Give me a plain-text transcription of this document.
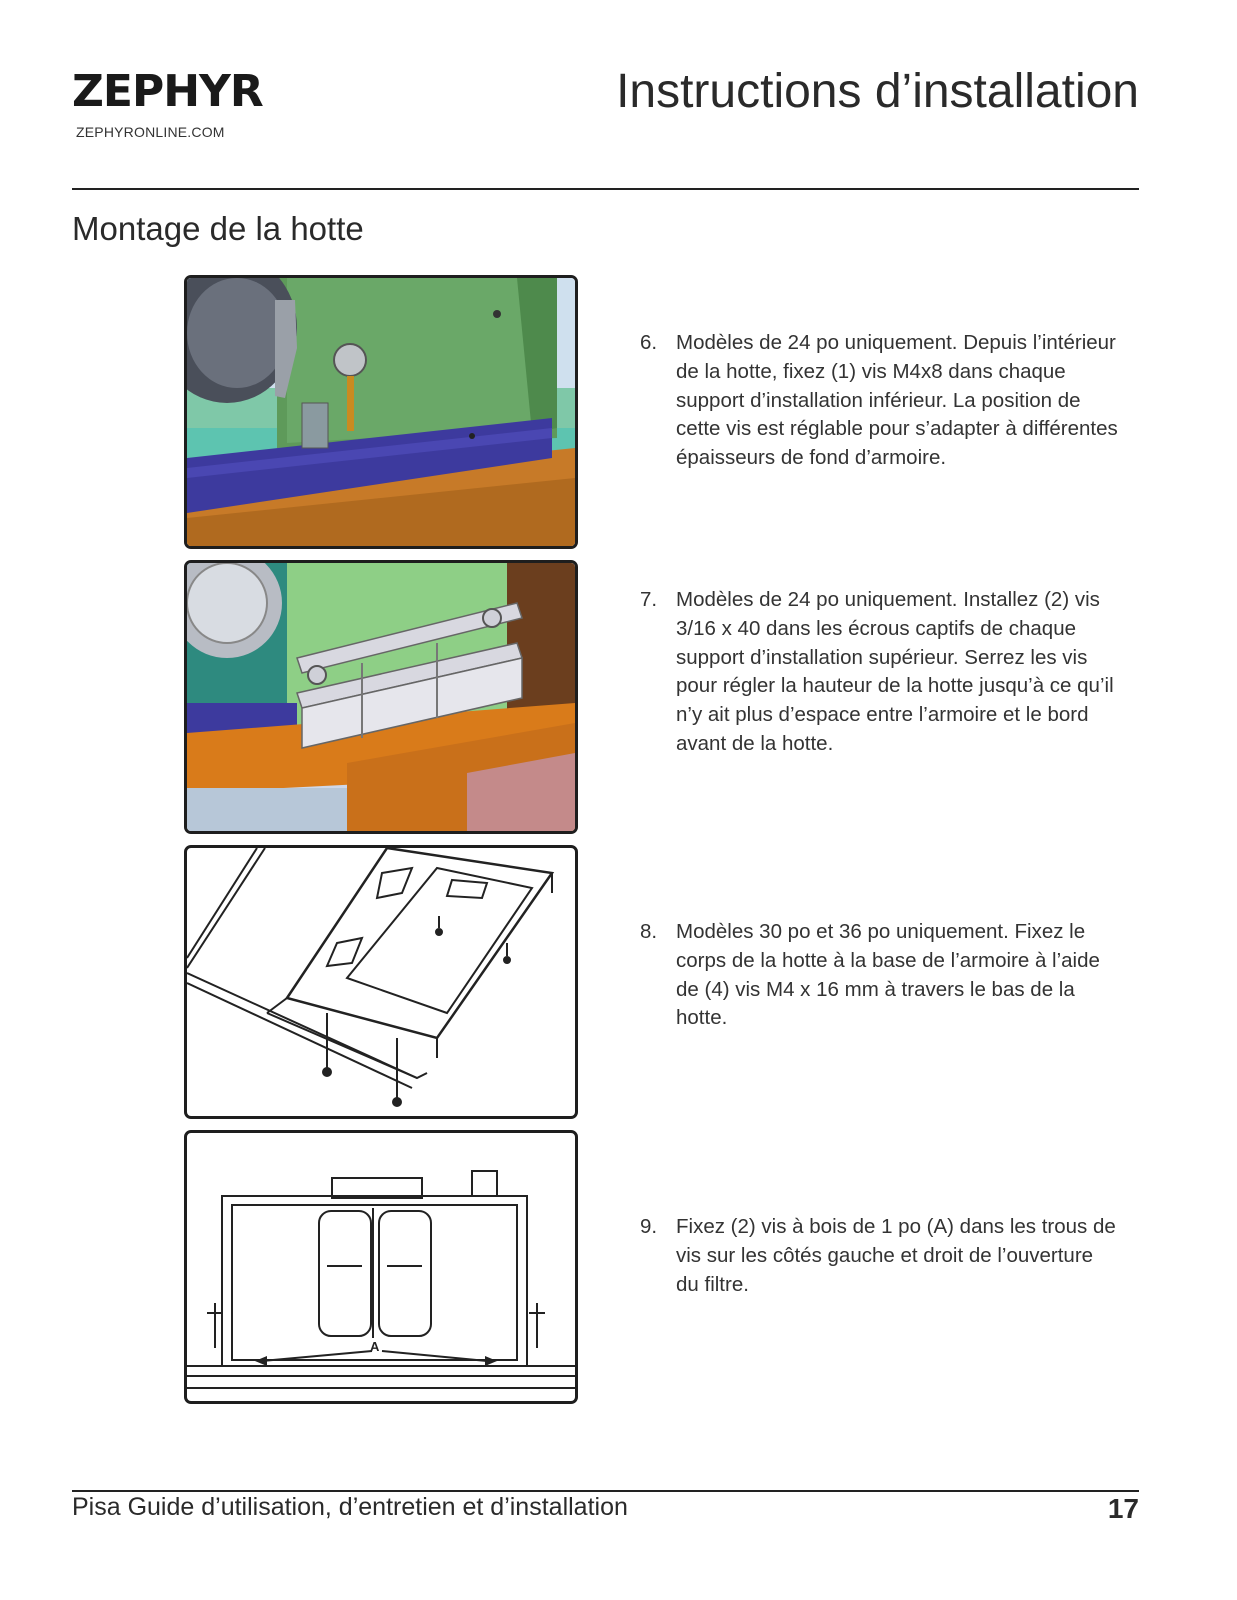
ZEPHYR
ZEPHYRONLINE.COM
Instructions d’installation
Montage de la hotte
A
6. Modèles de 24 po uniquement. Depuis l’intérieur de la hotte, fixez (1) vis M4x8 dans chaque support d’installation inférieur. La position de cette vis est réglable pour s’adapter à différentes épaisseurs de fond d’armoire.
7. Modèles de 24 po uniquement. Installez (2) vis 3/16 x 40 dans les écrous captifs de chaque support d’installation supérieur. Serrez les vis pour régler la hauteur de la hotte jusqu’à ce qu’il n’y ait plus d’espace entre l’armoire et le bord avant de la hotte.
8. Modèles 30 po et 36 po uniquement. Fixez le corps de la hotte à la base de l’armoire à l’aide de (4) vis M4 x 16 mm à travers le bas de la hotte.
9. Fixez (2) vis à bois de 1 po (A) dans les trous de vis sur les côtés gauche et droit de l’ouverture du filtre.
Pisa Guide d’utilisation, d’entretien et d’installation	17
